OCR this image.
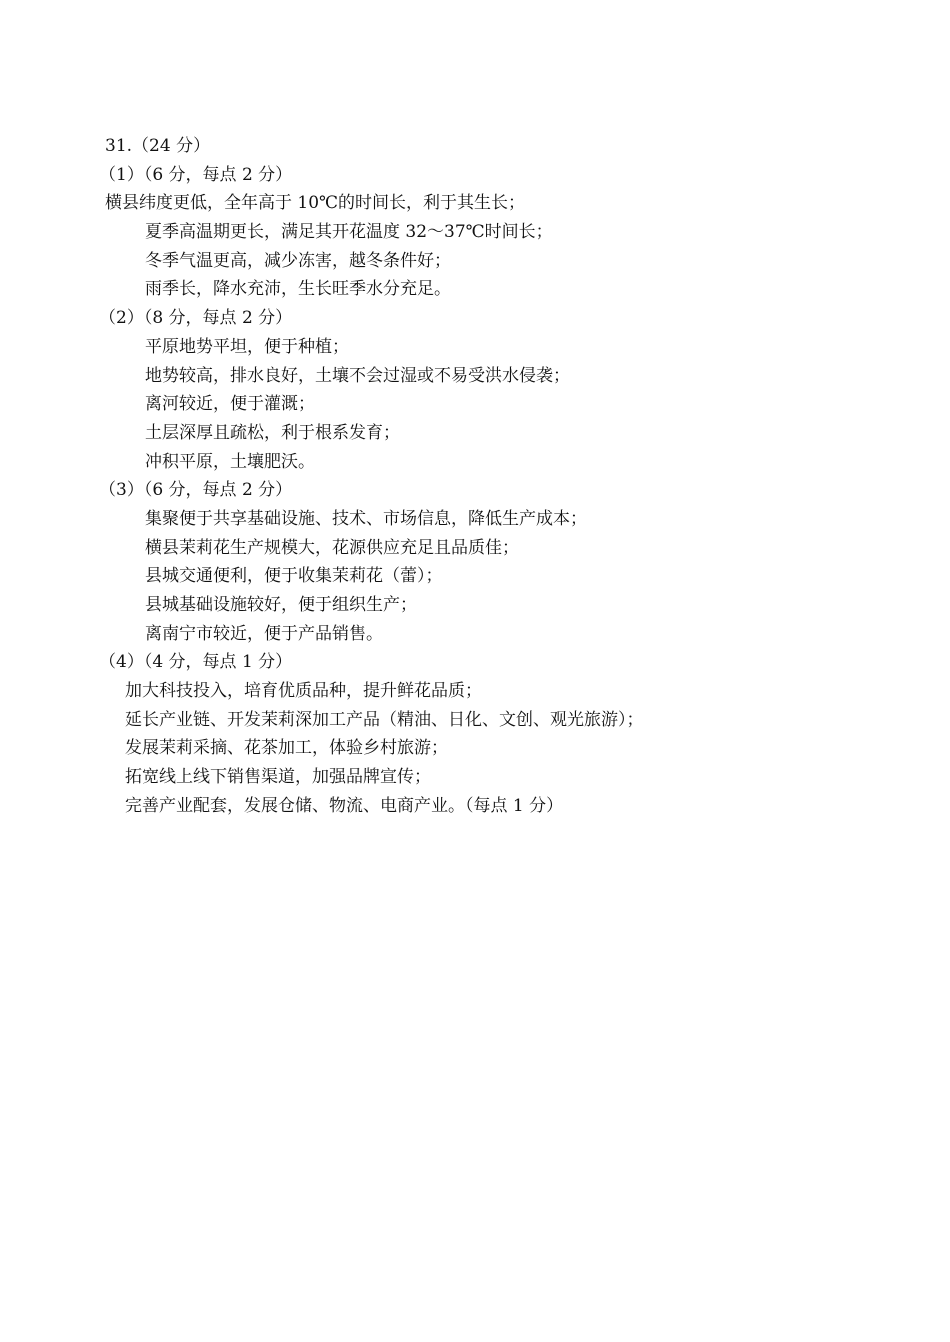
31.（24 分）
（1）（6 分，每点 2 分）
横县纬度更低，全年高于 10℃的时间长，利于其生长；
夏季高温期更长，满足其开花温度 32～37℃时间长；
冬季气温更高，减少冻害，越冬条件好；
雨季长，降水充沛，生长旺季水分充足。
（2）（8 分，每点 2 分）
平原地势平坦，便于种植；
地势较高，排水良好，土壤不会过湿或不易受洪水侵袭；
离河较近，便于灌溉；
土层深厚且疏松，利于根系发育；
冲积平原，土壤肥沃。
（3）（6 分，每点 2 分）
集聚便于共享基础设施、技术、市场信息，降低生产成本；
横县茉莉花生产规模大，花源供应充足且品质佳；
县城交通便利，便于收集茉莉花（蕾）；
县城基础设施较好，便于组织生产；
离南宁市较近，便于产品销售。
（4）（4 分，每点 1 分）
加大科技投入，培育优质品种，提升鲜花品质；
延长产业链、开发茉莉深加工产品（精油、日化、文创、观光旅游）；
发展茉莉采摘、花茶加工，体验乡村旅游；
拓宽线上线下销售渠道，加强品牌宣传；
完善产业配套，发展仓储、物流、电商产业。（每点 1 分）
